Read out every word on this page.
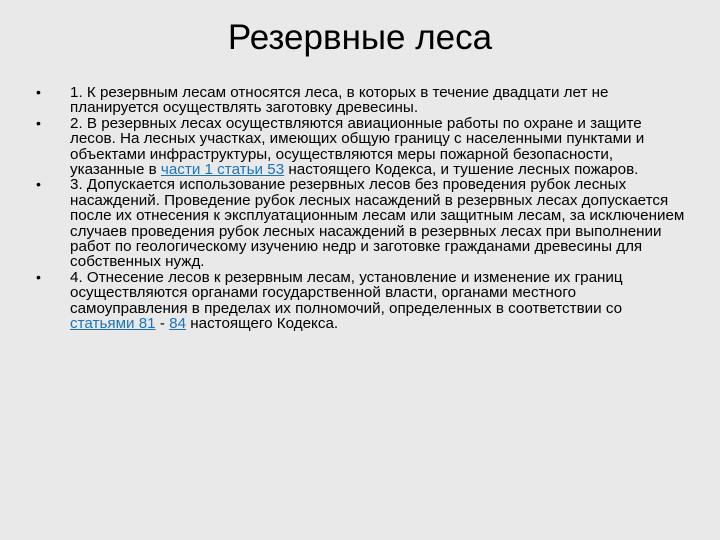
Резервные леса
• 1. К резервным лесам относятся леса, в которых в течение двадцати лет не планируется осуществлять заготовку древесины.
• 2. В резервных лесах осуществляются авиационные работы по охране и защите лесов. На лесных участках, имеющих общую границу с населенными пунктами и объектами инфраструктуры, осуществляются меры пожарной безопасности, указанные в части 1 статьи 53 настоящего Кодекса, и тушение лесных пожаров.
• 3. Допускается использование резервных лесов без проведения рубок лесных насаждений. Проведение рубок лесных насаждений в резервных лесах допускается после их отнесения к эксплуатационным лесам или защитным лесам, за исключением случаев проведения рубок лесных насаждений в резервных лесах при выполнении работ по геологическому изучению недр и заготовке гражданами древесины для собственных нужд.
• 4. Отнесение лесов к резервным лесам, установление и изменение их границ осуществляются органами государственной власти, органами местного самоуправления в пределах их полномочий, определенных в соответствии со статьями 81 - 84 настоящего Кодекса.
